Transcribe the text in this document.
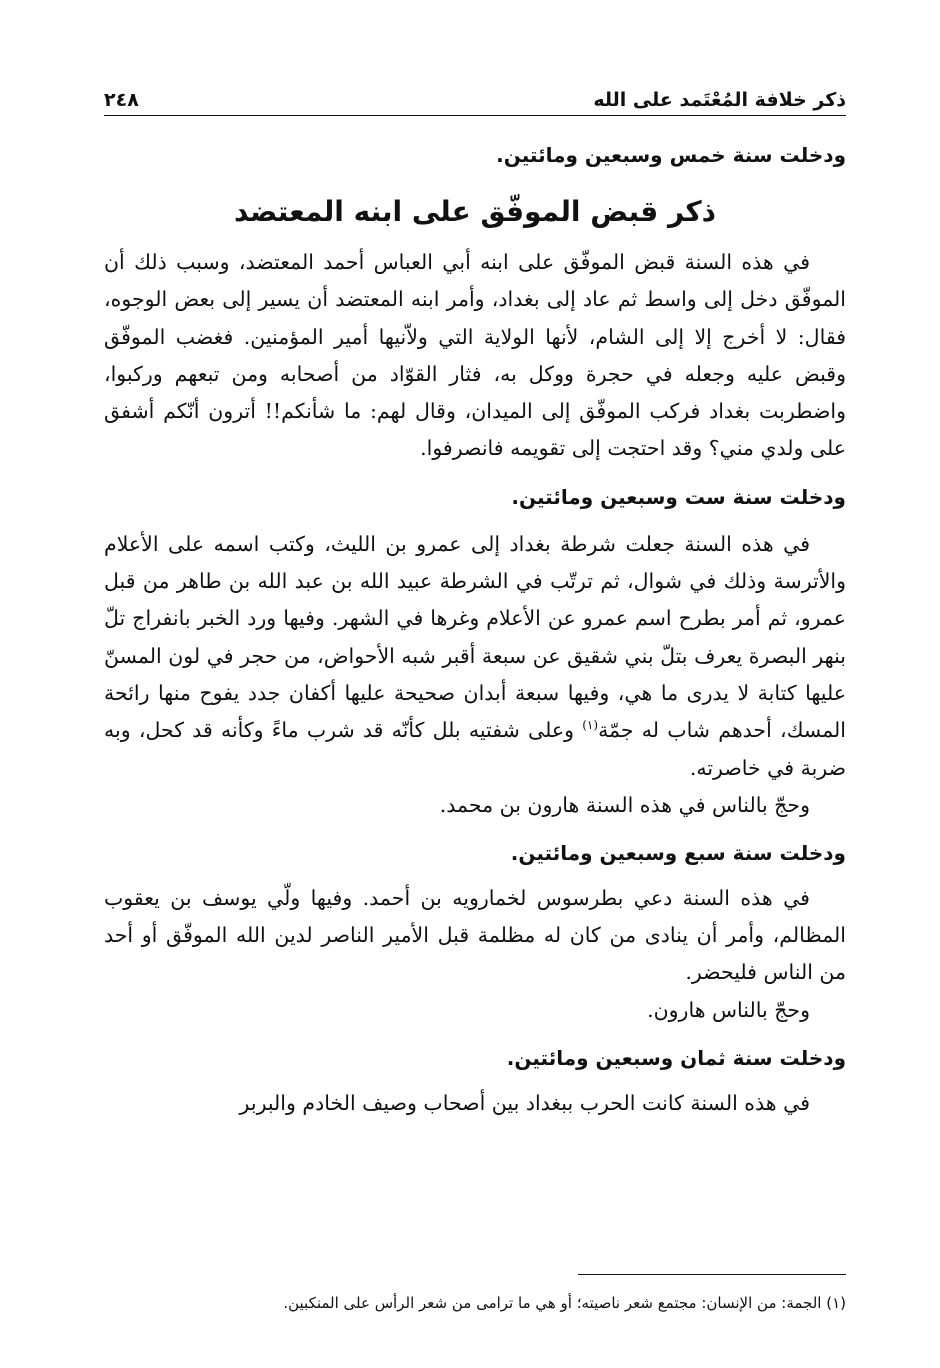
ذكر خلافة المُعْتَمد على الله
٢٤٨

ودخلت سنة خمس وسبعين ومائتين.

ذكر قبض الموفّق على ابنه المعتضد

في هذه السنة قبض الموفّق على ابنه أبي العباس أحمد المعتضد، وسبب ذلك أن الموفّق دخل إلى واسط ثم عاد إلى بغداد، وأمر ابنه المعتضد أن يسير إلى بعض الوجوه، فقال: لا أخرج إلا إلى الشام، لأنها الولاية التي ولاّنيها أمير المؤمنين. فغضب الموفّق وقبض عليه وجعله في حجرة ووكل به، فثار القوّاد من أصحابه ومن تبعهم وركبوا، واضطربت بغداد فركب الموفّق إلى الميدان، وقال لهم: ما شأنكم!! أترون أنّكم أشفق على ولدي مني؟ وقد احتجت إلى تقويمه فانصرفوا.

ودخلت سنة ست وسبعين ومائتين.

في هذه السنة جعلت شرطة بغداد إلى عمرو بن الليث، وكتب اسمه على الأعلام والأترسة وذلك في شوال، ثم ترتّب في الشرطة عبيد الله بن عبد الله بن طاهر من قبل عمرو، ثم أمر بطرح اسم عمرو عن الأعلام وغرها في الشهر. وفيها ورد الخبر بانفراج تلّ بنهر البصرة يعرف بتلّ بني شقيق عن سبعة أقبر شبه الأحواض، من حجر في لون المسنّ عليها كتابة لا يدرى ما هي، وفيها سبعة أبدان صحيحة عليها أكفان جدد يفوح منها رائحة المسك، أحدهم شاب له جمّة$^{(١)}$ وعلى شفتيه بلل كأنّه قد شرب ماءً وكأنه قد كحل، وبه ضربة في خاصرته.

وحجّ بالناس في هذه السنة هارون بن محمد.

ودخلت سنة سبع وسبعين ومائتين.

في هذه السنة دعي بطرسوس لخمارويه بن أحمد. وفيها ولّي يوسف بن يعقوب المظالم، وأمر أن ينادى من كان له مظلمة قبل الأمير الناصر لدين الله الموفّق أو أحد من الناس فليحضر.

وحجّ بالناس هارون.

ودخلت سنة ثمان وسبعين ومائتين.

في هذه السنة كانت الحرب ببغداد بين أصحاب وصيف الخادم والبربر

(١) الجمة: من الإنسان: مجتمع شعر ناصيته؛ أو هي ما ترامى من شعر الرأس على المنكبين.
